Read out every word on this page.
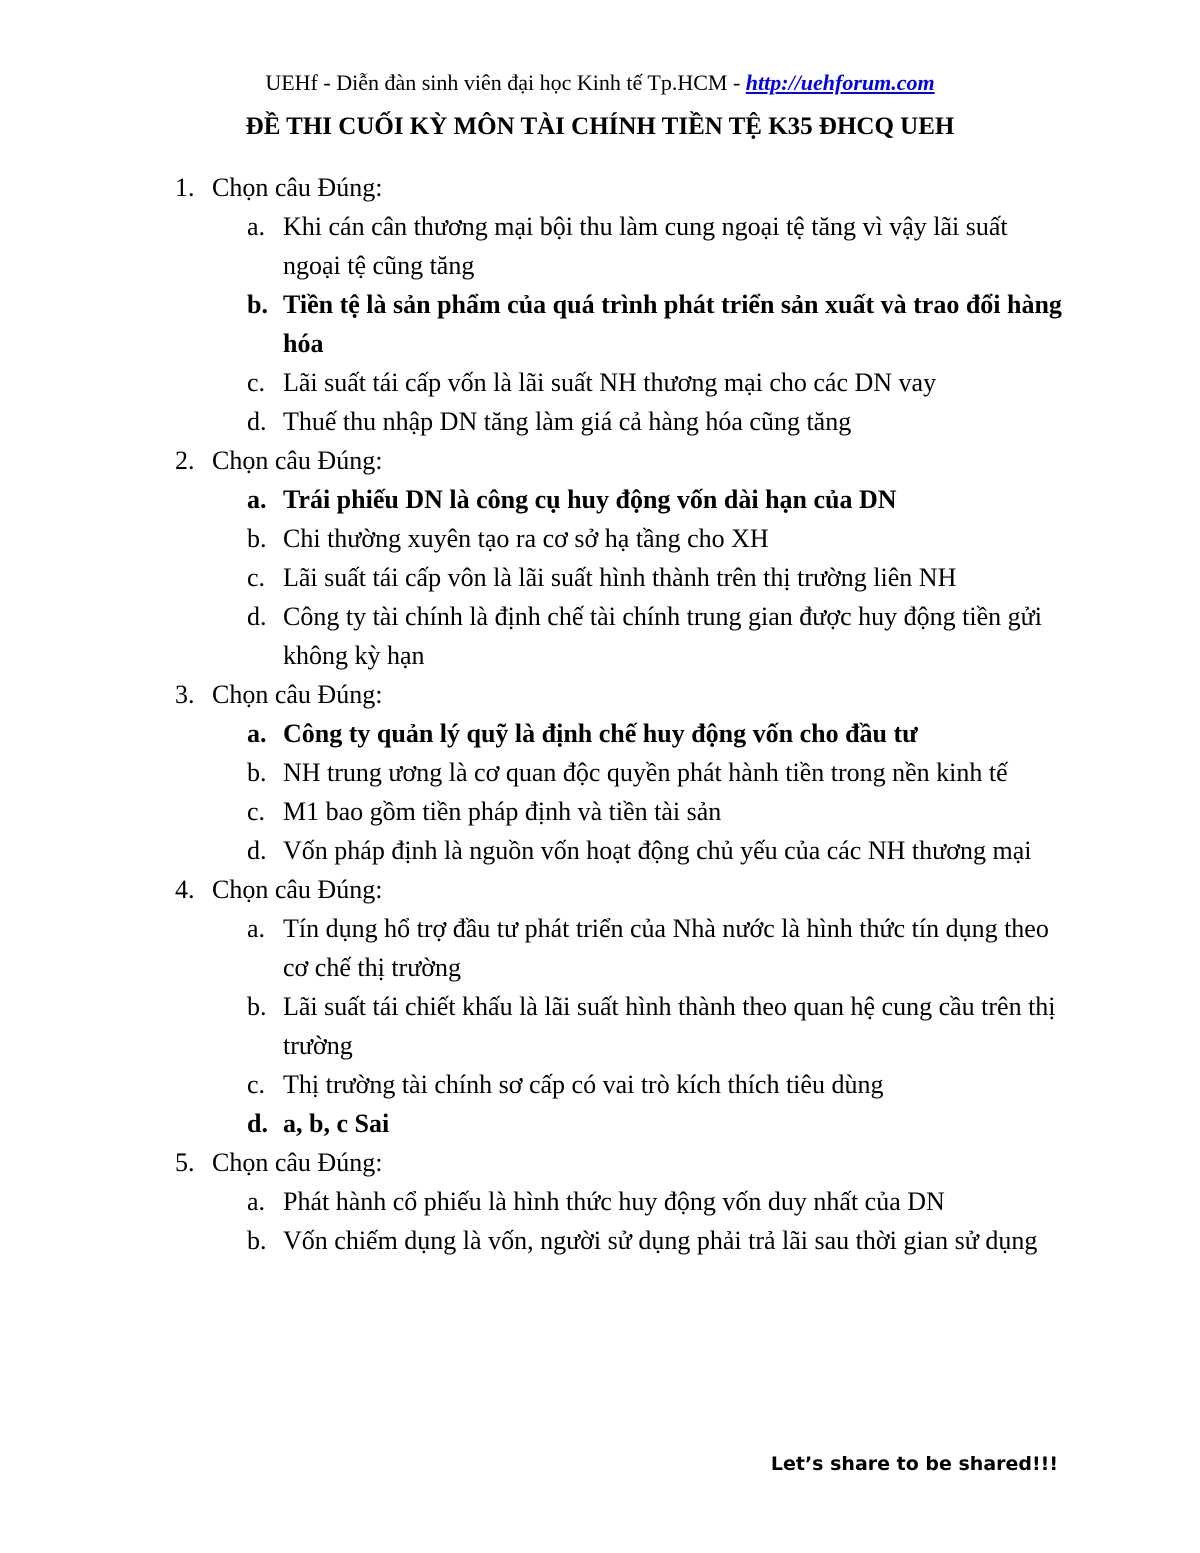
UEHf - Diễn đàn sinh viên đại học Kinh tế Tp.HCM - http://uehforum.com
ĐỀ THI CUỐI KỲ MÔN TÀI CHÍNH TIỀN TỆ K35 ĐHCQ UEH
1. Chọn câu Đúng:
a. Khi cán cân thương mại bội thu làm cung ngoại tệ tăng vì vậy lãi suất ngoại tệ cũng tăng
b. Tiền tệ là sản phẩm của quá trình phát triển sản xuất và trao đổi hàng hóa
c. Lãi suất tái cấp vốn là lãi suất NH thương mại cho các DN vay
d. Thuế thu nhập DN tăng làm giá cả hàng hóa cũng tăng
2. Chọn câu Đúng:
a. Trái phiếu DN là công cụ huy động vốn dài hạn của DN
b. Chi thường xuyên tạo ra cơ sở hạ tầng cho XH
c. Lãi suất tái cấp vôn là lãi suất hình thành trên thị trường liên NH
d. Công ty tài chính là định chế tài chính trung gian được huy động tiền gửi không kỳ hạn
3. Chọn câu Đúng:
a. Công ty quản lý quỹ là định chế huy động vốn cho đầu tư
b. NH trung ương là cơ quan độc quyền phát hành tiền trong nền kinh tế
c. M1 bao gồm tiền pháp định và tiền tài sản
d. Vốn pháp định là nguồn vốn hoạt động chủ yếu của các NH thương mại
4. Chọn câu Đúng:
a. Tín dụng hổ trợ đầu tư phát triển của Nhà nước là hình thức tín dụng theo cơ chế thị trường
b. Lãi suất tái chiết khấu là lãi suất hình thành theo quan hệ cung cầu trên thị trường
c. Thị trường tài chính sơ cấp có vai trò kích thích tiêu dùng
d. a, b, c Sai
5. Chọn câu Đúng:
a. Phát hành cổ phiếu là hình thức huy động vốn duy nhất của DN
b. Vốn chiếm dụng là vốn, người sử dụng phải trả lãi sau thời gian sử dụng
Let’s share to be shared!!!
